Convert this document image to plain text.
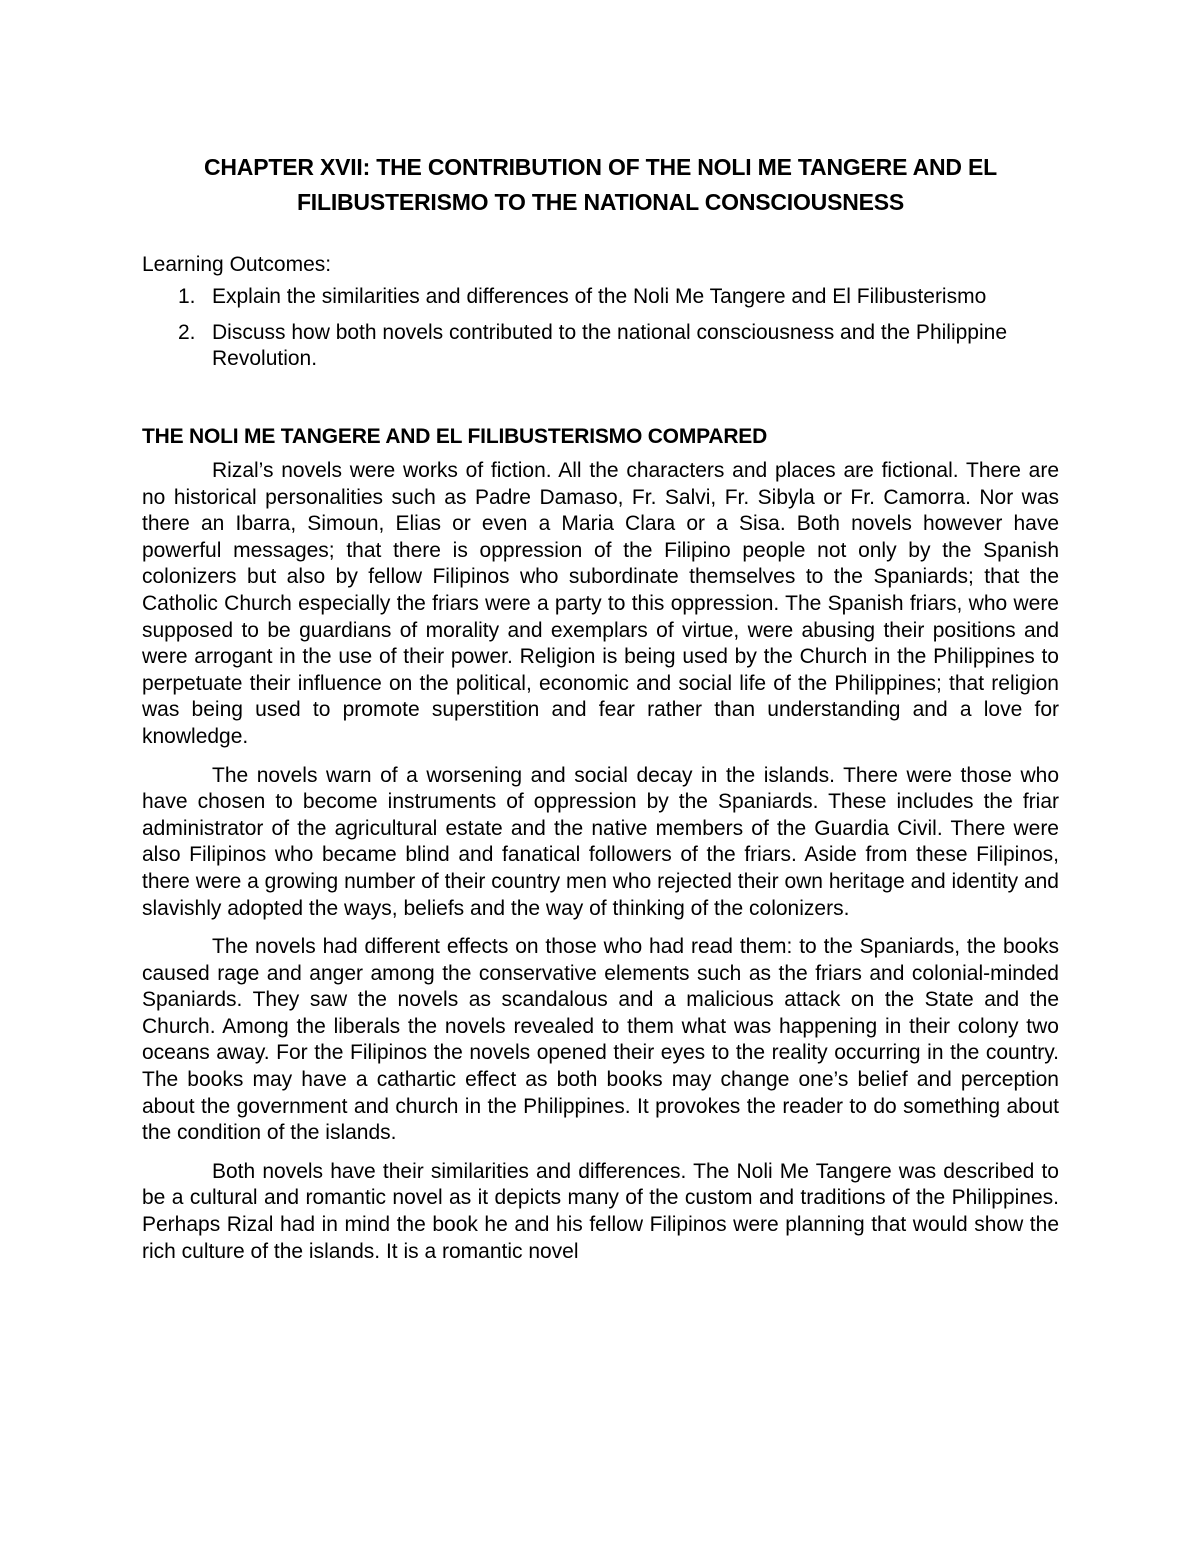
CHAPTER XVII: THE CONTRIBUTION OF THE NOLI ME TANGERE AND EL FILIBUSTERISMO TO THE NATIONAL CONSCIOUSNESS

Learning Outcomes:

1. Explain the similarities and differences of the Noli Me Tangere and El Filibusterismo
2. Discuss how both novels contributed to the national consciousness and the Philippine Revolution.
THE NOLI ME TANGERE AND EL FILIBUSTERISMO COMPARED

Rizal’s novels were works of fiction. All the characters and places are fictional. There are no historical personalities such as Padre Damaso, Fr. Salvi, Fr. Sibyla or Fr. Camorra. Nor was there an Ibarra, Simoun, Elias or even a Maria Clara or a Sisa. Both novels however have powerful messages; that there is oppression of the Filipino people not only by the Spanish colonizers but also by fellow Filipinos who subordinate themselves to the Spaniards; that the Catholic Church especially the friars were a party to this oppression. The Spanish friars, who were supposed to be guardians of morality and exemplars of virtue, were abusing their positions and were arrogant in the use of their power. Religion is being used by the Church in the Philippines to perpetuate their influence on the political, economic and social life of the Philippines; that religion was being used to promote superstition and fear rather than understanding and a love for knowledge.

The novels warn of a worsening and social decay in the islands. There were those who have chosen to become instruments of oppression by the Spaniards. These includes the friar administrator of the agricultural estate and the native members of the Guardia Civil. There were also Filipinos who became blind and fanatical followers of the friars. Aside from these Filipinos, there were a growing number of their country men who rejected their own heritage and identity and slavishly adopted the ways, beliefs and the way of thinking of the colonizers.

The novels had different effects on those who had read them: to the Spaniards, the books caused rage and anger among the conservative elements such as the friars and colonial-minded Spaniards. They saw the novels as scandalous and a malicious attack on the State and the Church. Among the liberals the novels revealed to them what was happening in their colony two oceans away. For the Filipinos the novels opened their eyes to the reality occurring in the country. The books may have a cathartic effect as both books may change one’s belief and perception about the government and church in the Philippines. It provokes the reader to do something about the condition of the islands.

Both novels have their similarities and differences. The Noli Me Tangere was described to be a cultural and romantic novel as it depicts many of the custom and traditions of the Philippines. Perhaps Rizal had in mind the book he and his fellow Filipinos were planning that would show the rich culture of the islands. It is a romantic novel
